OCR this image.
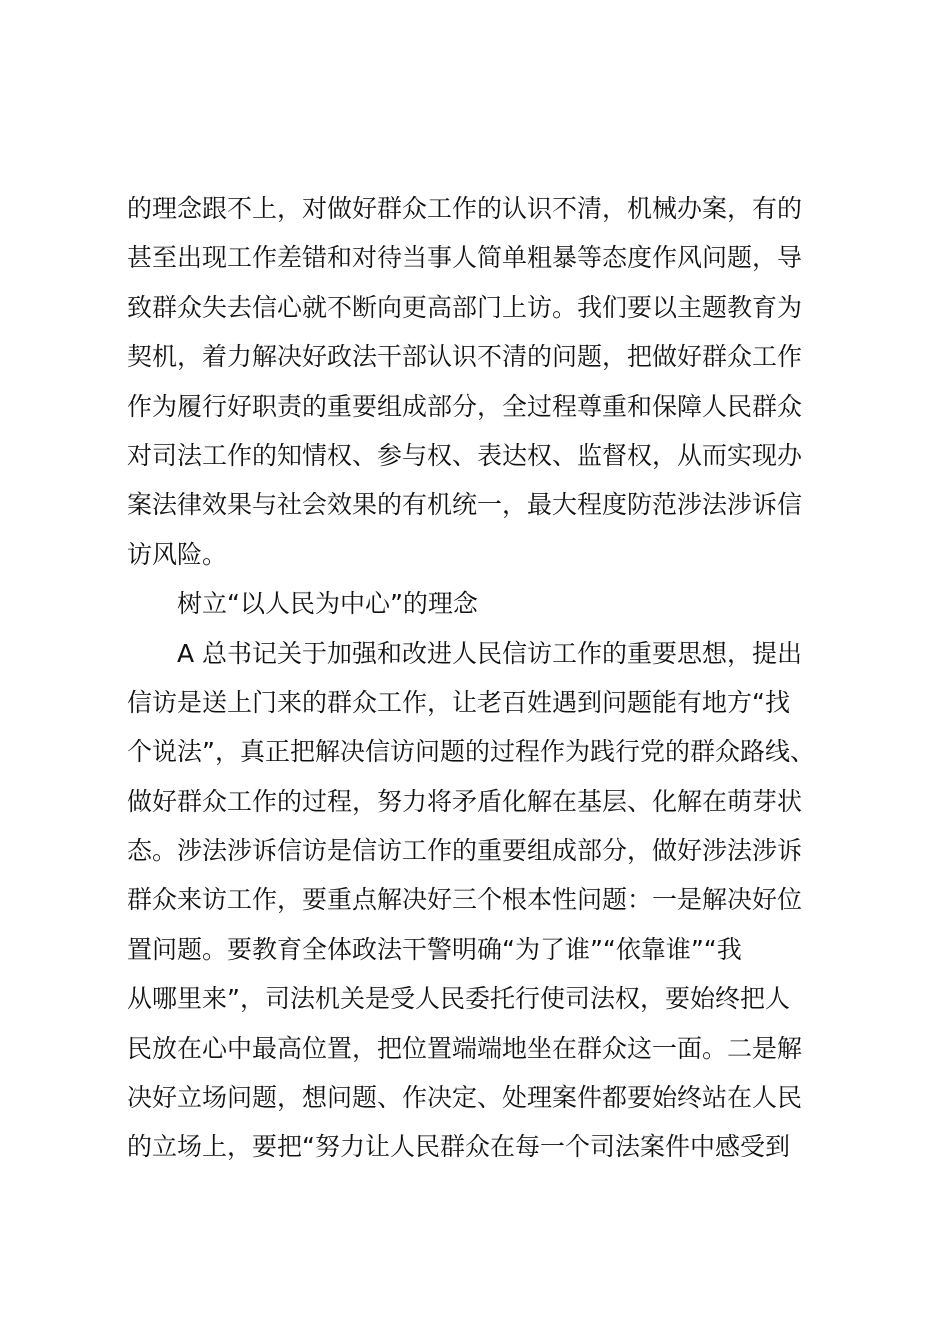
的理念跟不上，对做好群众工作的认识不清，机械办案，有的
甚至出现工作差错和对待当事人简单粗暴等态度作风问题，导
致群众失去信心就不断向更高部门上访。我们要以主题教育为
契机，着力解决好政法干部认识不清的问题，把做好群众工作
作为履行好职责的重要组成部分，全过程尊重和保障人民群众
对司法工作的知情权、参与权、表达权、监督权，从而实现办
案法律效果与社会效果的有机统一，最大程度防范涉法涉诉信
访风险。
树立“以人民为中心”的理念
A 总书记关于加强和改进人民信访工作的重要思想，提出
信访是送上门来的群众工作，让老百姓遇到问题能有地方“找
个说法”，真正把解决信访问题的过程作为践行党的群众路线、
做好群众工作的过程，努力将矛盾化解在基层、化解在萌芽状
态。涉法涉诉信访是信访工作的重要组成部分，做好涉法涉诉
群众来访工作，要重点解决好三个根本性问题：一是解决好位
置问题。要教育全体政法干警明确“为了谁”“依靠谁”“我
从哪里来”，司法机关是受人民委托行使司法权，要始终把人
民放在心中最高位置，把位置端端地坐在群众这一面。二是解
决好立场问题，想问题、作决定、处理案件都要始终站在人民
的立场上，要把“努力让人民群众在每一个司法案件中感受到
